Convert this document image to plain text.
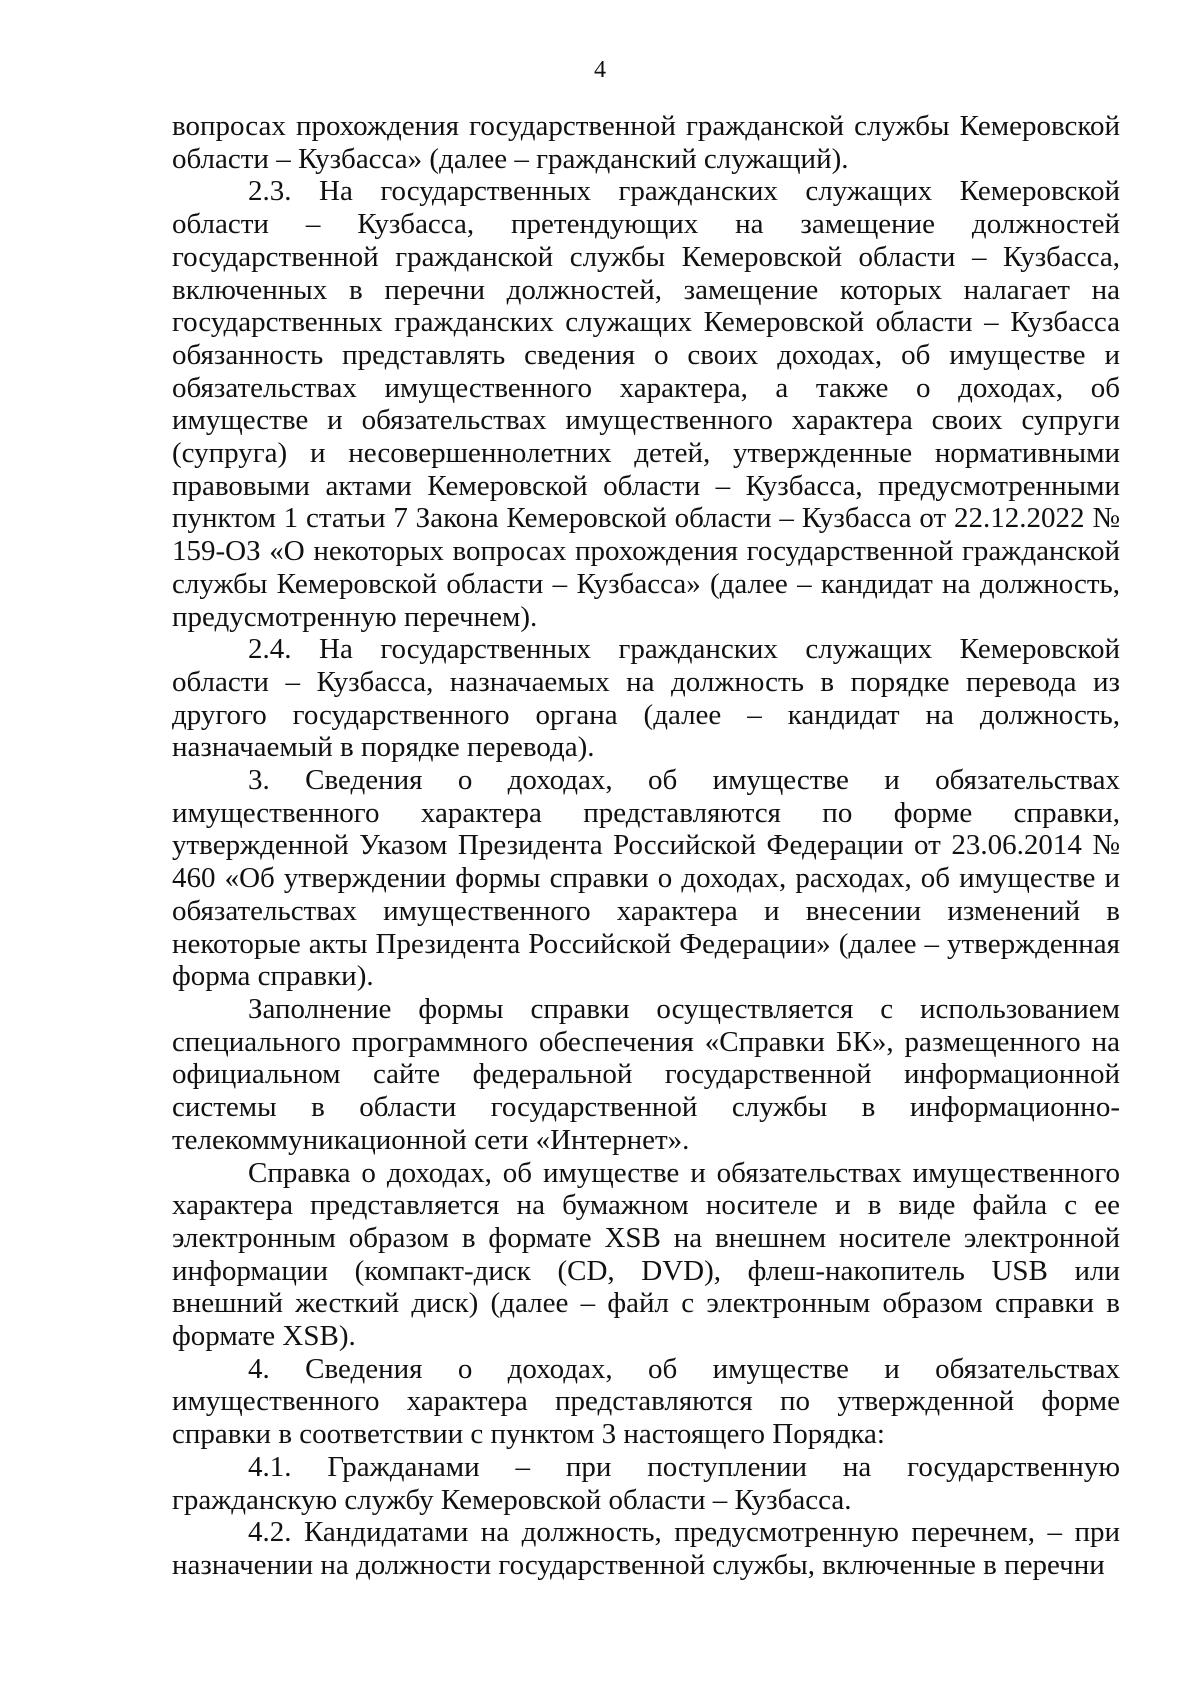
4

вопросах прохождения государственной гражданской службы Кемеровской области – Кузбасса» (далее – гражданский служащий).

2.3. На государственных гражданских служащих Кемеровской области – Кузбасса, претендующих на замещение должностей государственной гражданской службы Кемеровской области – Кузбасса, включенных в перечни должностей, замещение которых налагает на государственных гражданских служащих Кемеровской области – Кузбасса обязанность представлять сведения о своих доходах, об имуществе и обязательствах имущественного характера, а также о доходах, об имуществе и обязательствах имущественного характера своих супруги (супруга) и несовершеннолетних детей, утвержденные нормативными правовыми актами Кемеровской области – Кузбасса, предусмотренными пунктом 1 статьи 7 Закона Кемеровской области – Кузбасса от 22.12.2022 № 159-ОЗ «О некоторых вопросах прохождения государственной гражданской службы Кемеровской области – Кузбасса» (далее – кандидат на должность, предусмотренную перечнем).

2.4. На государственных гражданских служащих Кемеровской области – Кузбасса, назначаемых на должность в порядке перевода из другого государственного органа (далее – кандидат на должность, назначаемый в порядке перевода).

3. Сведения о доходах, об имуществе и обязательствах имущественного характера представляются по форме справки, утвержденной Указом Президента Российской Федерации от 23.06.2014 № 460 «Об утверждении формы справки о доходах, расходах, об имуществе и обязательствах имущественного характера и внесении изменений в некоторые акты Президента Российской Федерации» (далее – утвержденная форма справки).

Заполнение формы справки осуществляется с использованием специального программного обеспечения «Справки БК», размещенного на официальном сайте федеральной государственной информационной системы в области государственной службы в информационно-телекоммуникационной сети «Интернет».

Справка о доходах, об имуществе и обязательствах имущественного характера представляется на бумажном носителе и в виде файла с ее электронным образом в формате XSB на внешнем носителе электронной информации (компакт-диск (CD, DVD), флеш-накопитель USB или внешний жесткий диск) (далее – файл с электронным образом справки в формате XSB).

4. Сведения о доходах, об имуществе и обязательствах имущественного характера представляются по утвержденной форме справки в соответствии с пунктом 3 настоящего Порядка:

4.1. Гражданами – при поступлении на государственную гражданскую службу Кемеровской области – Кузбасса.

4.2. Кандидатами на должность, предусмотренную перечнем, – при назначении на должности государственной службы, включенные в перечни
